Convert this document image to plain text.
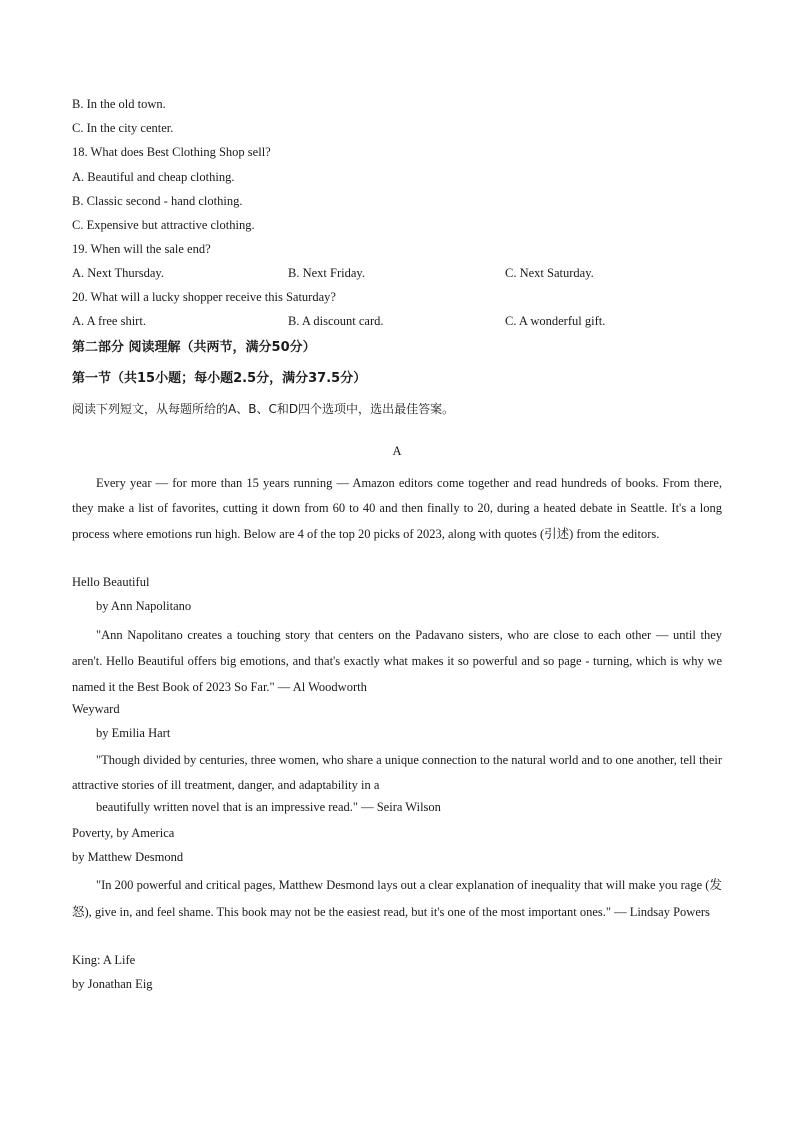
B. In the old town.
C. In the city center.
18. What does Best Clothing Shop sell?
A. Beautiful and cheap clothing.
B. Classic second - hand clothing.
C. Expensive but attractive clothing.
19. When will the sale end?
A. Next Thursday.	B. Next Friday.	C. Next Saturday.
20. What will a lucky shopper receive this Saturday?
A. A free shirt.	B. A discount card.	C. A wonderful gift.
第二部分 阅读理解（共两节，满分50分）
第一节（共15小题；每小题2.5分，满分37.5分）
阅读下列短文，从每题所给的A、B、C和D四个选项中，选出最佳答案。
A
Every year — for more than 15 years running — Amazon editors come together and read hundreds of books. From there, they make a list of favorites, cutting it down from 60 to 40 and then finally to 20, during a heated debate in Seattle. It's a long process where emotions run high. Below are 4 of the top 20 picks of 2023, along with quotes (引述) from the editors.
Hello Beautiful
by Ann Napolitano
"Ann Napolitano creates a touching story that centers on the Padavano sisters, who are close to each other — until they aren't. Hello Beautiful offers big emotions, and that's exactly what makes it so powerful and so page - turning, which is why we named it the Best Book of 2023 So Far." — Al Woodworth
Weyward
by Emilia Hart
"Though divided by centuries, three women, who share a unique connection to the natural world and to one another, tell their attractive stories of ill treatment, danger, and adaptability in a
beautifully written novel that is an impressive read." — Seira Wilson
Poverty, by America
by Matthew Desmond
"In 200 powerful and critical pages, Matthew Desmond lays out a clear explanation of inequality that will make you rage (发怒), give in, and feel shame. This book may not be the easiest read, but it's one of the most important ones." — Lindsay Powers
King: A Life
by Jonathan Eig
